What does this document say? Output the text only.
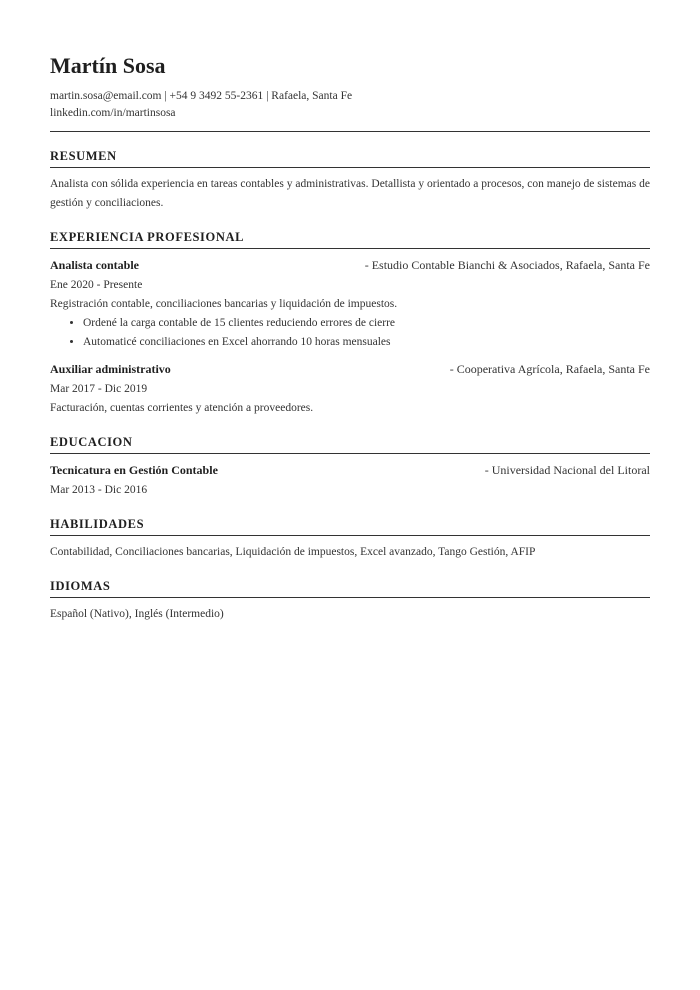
Martín Sosa
martin.sosa@email.com | +54 9 3492 55-2361 | Rafaela, Santa Fe
linkedin.com/in/martinsosa
RESUMEN

Analista con sólida experiencia en tareas contables y administrativas. Detallista y orientado a procesos, con manejo de sistemas de gestión y conciliaciones.

EXPERIENCIA PROFESIONAL
Analista contable	- Estudio Contable Bianchi & Asociados, Rafaela, Santa Fe
Ene 2020 - Presente
Registración contable, conciliaciones bancarias y liquidación de impuestos.
• Ordené la carga contable de 15 clientes reduciendo errores de cierre
• Automaticé conciliaciones en Excel ahorrando 10 horas mensuales
Auxiliar administrativo	- Cooperativa Agrícola, Rafaela, Santa Fe
Mar 2017 - Dic 2019
Facturación, cuentas corrientes y atención a proveedores.
EDUCACION
Tecnicatura en Gestión Contable	- Universidad Nacional del Litoral
Mar 2013 - Dic 2016
HABILIDADES
Contabilidad, Conciliaciones bancarias, Liquidación de impuestos, Excel avanzado, Tango Gestión, AFIP
IDIOMAS
Español (Nativo), Inglés (Intermedio)
